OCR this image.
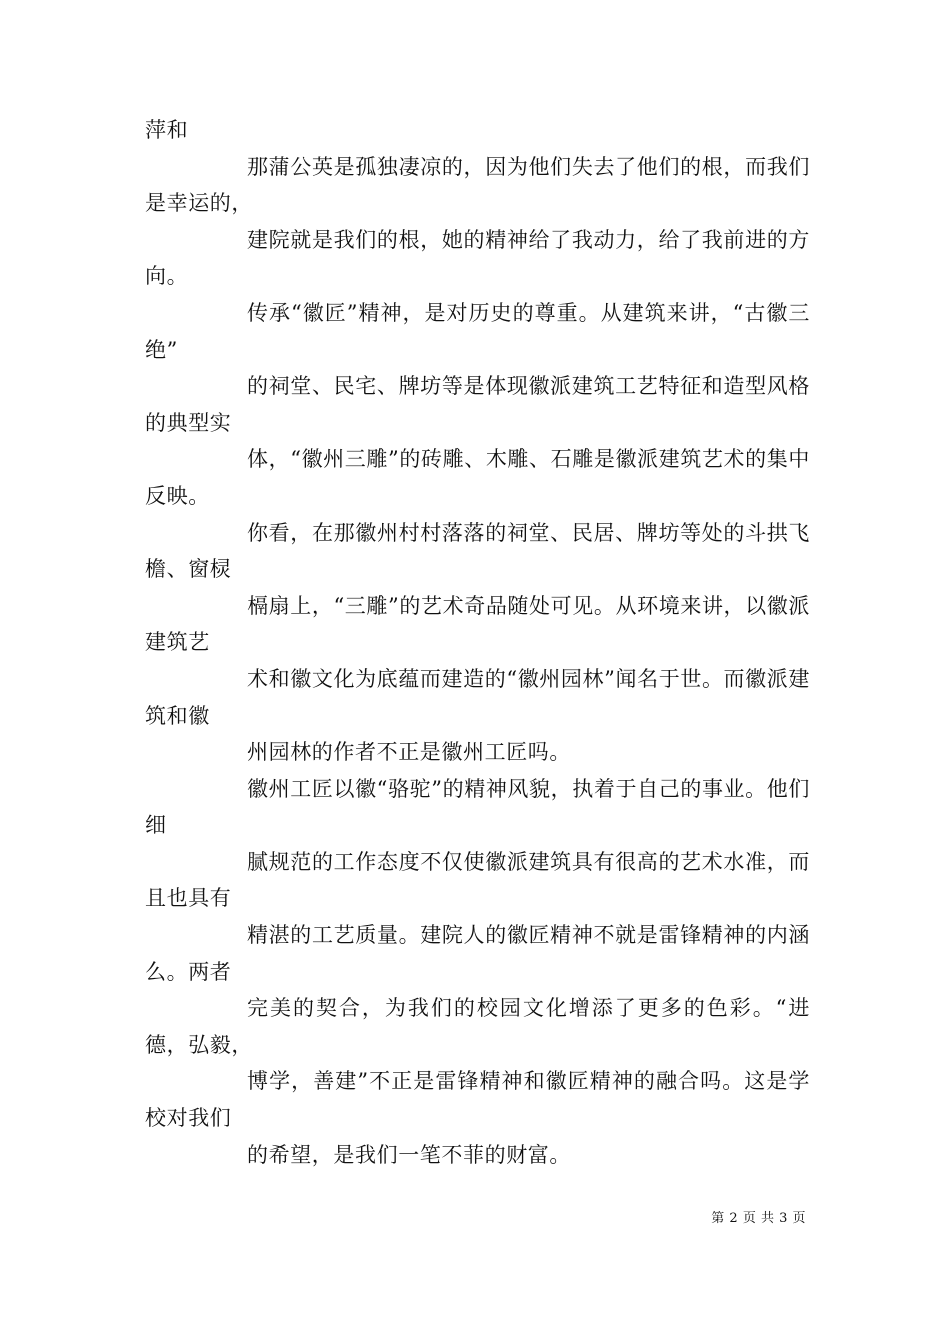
萍和

那蒲公英是孤独凄凉的，因为他们失去了他们的根，而我们是幸运的，

建院就是我们的根，她的精神给了我动力，给了我前进的方向。

传承“徽匠”精神，是对历史的尊重。从建筑来讲，“古徽三绝”

的祠堂、民宅、牌坊等是体现徽派建筑工艺特征和造型风格的典型实

体，“徽州三雕”的砖雕、木雕、石雕是徽派建筑艺术的集中反映。

你看，在那徽州村村落落的祠堂、民居、牌坊等处的斗拱飞檐、窗棂

槅扇上，“三雕”的艺术奇品随处可见。从环境来讲，以徽派建筑艺

术和徽文化为底蕴而建造的“徽州园林”闻名于世。而徽派建筑和徽

州园林的作者不正是徽州工匠吗。

徽州工匠以徽“骆驼”的精神风貌，执着于自己的事业。他们细

腻规范的工作态度不仅使徽派建筑具有很高的艺术水准，而且也具有

精湛的工艺质量。建院人的徽匠精神不就是雷锋精神的内涵么。两者

完美的契合，为我们的校园文化增添了更多的色彩。“进德，弘毅，

博学，善建”不正是雷锋精神和徽匠精神的融合吗。这是学校对我们

的希望，是我们一笔不菲的财富。

第 2 页 共 3 页
